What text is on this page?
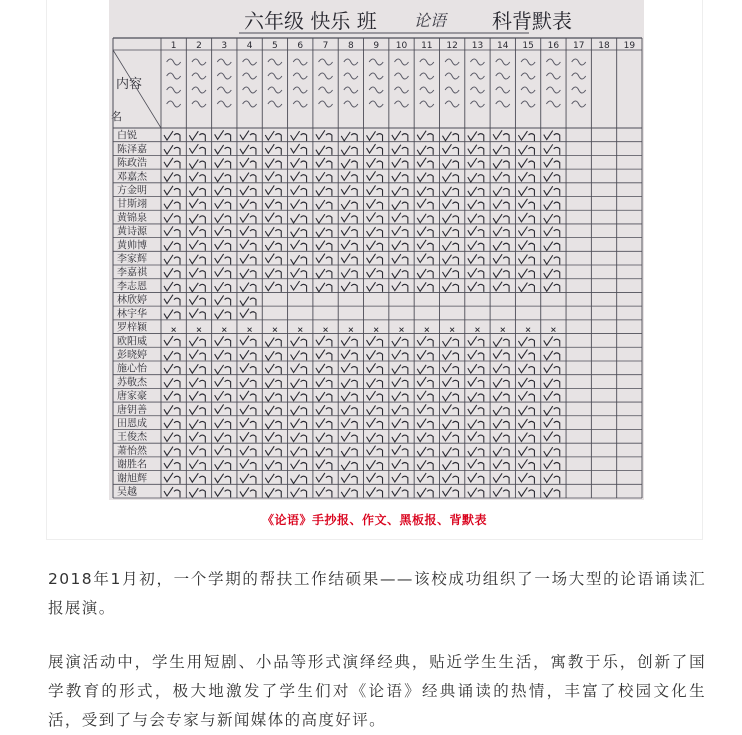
六年级 快乐 班 论语 科背默表
内容
名
1 2 3 4 5 6 7 8 9 10 11 12 13 14 15 16 17 18 19
白锐
陈泽嘉
陈政浩
邓嘉杰
方金明
甘斯翊
黄锦泉
黄诗源
黄帅博
李家辉
李嘉祺
李志恩
林欣婷
林宇华
罗梓颖
欧阳威
彭晓婷
施心怡
苏敬杰
唐家豪
唐钥善
田恩成
王俊杰
萧怡然
谢胜名
谢旭辉
吴越
《论语》手抄报、作文、黑板报、背默表

2018年1月初，一个学期的帮扶工作结硕果——该校成功组织了一场大型的论语诵读汇报展演。

展演活动中，学生用短剧、小品等形式演绎经典，贴近学生生活，寓教于乐，创新了国学教育的形式，极大地激发了学生们对《论语》经典诵读的热情，丰富了校园文化生活，受到了与会专家与新闻媒体的高度好评。
